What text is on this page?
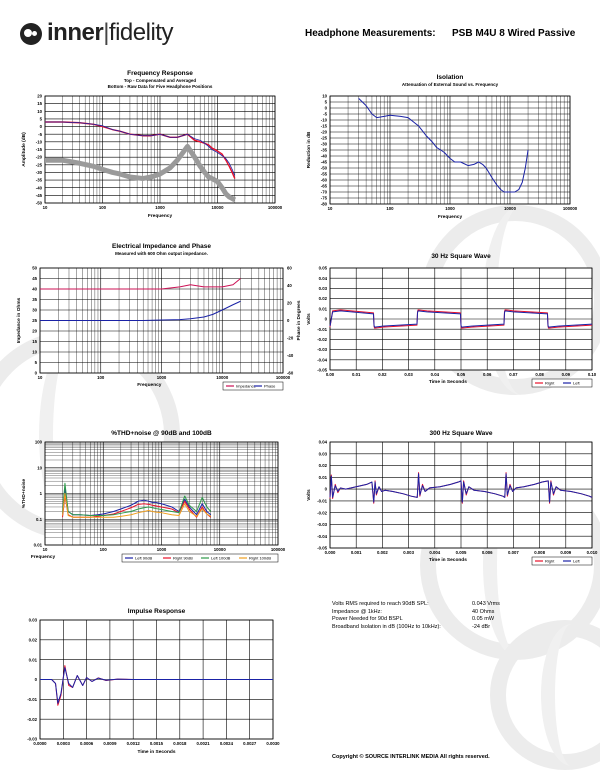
inner|fidelity	Headphone Measurements: PSB M4U 8 Wired Passive
Frequency Response
Top - Compensated and Averaged
Bottom - Raw Data for Five Headphone Positions
10	100	1000	10000	100000
20
15
10
5
0
-5
-10
-15
-20
-25
-30
-35
-40
-45
-50
Frequency
Amplitude (dB)
Isolation
Attenuation of External Sound vs. Frequency
10	100	1000	10000	100000
10
5
0
-5
-10
-15
-20
-25
-30
-35
-40
-45
-50
-55
-60
-65
-70
-75
-80
Frequency
Reduction in dB
Electrical Impedance and Phase
Measured with 600 Ohm output impedance.
10	100	1000	10000	100000
50
45
40
35
30
25
20
15
10
5
0
60
40
20
0
-20
-40
-60
Frequency
Impedance in Ohms	Phase in Degrees
Impedance Phase
30 Hz Square Wave
0.00	0.01	0.02	0.03	0.04	0.05	0.06	0.07	0.08	0.09	0.10
0.05
0.04
0.03
0.02
0.01
0
-0.01
-0.02
-0.03
-0.04
-0.05
Time in Seconds
Volts
Right	Left
%THD+noise @ 90dB and 100dB
10	100	1000	10000	100000
100
10
1
0.1
0.01
Frequency
%THD+noise
Left 90dB	Right 90dB	Left 100dB	Right 100dB
300 Hz Square Wave
0.000	0.001	0.002	0.003	0.004	0.005	0.006	0.007	0.008	0.009	0.010
0.04
0.03
0.02
0.01
0
-0.01
-0.02
-0.03
-0.04
-0.05
Time in Seconds
Volts
Right	Left
Impulse Response
0.0000 0.0003 0.0006 0.0009 0.0012 0.0015 0.0018 0.0021 0.0024 0.0027 0.0030
0.03
0.02
0.01
0
-0.01
-0.02
-0.03
Time in Seconds
Volts RMS required to reach 90dB SPL:	0.043 Vrms
Impedance @ 1kHz:	40 Ohms
Power Needed for 90d BSPL	0.05 mW
Broadband Isolation in dB (100Hz to 10kHz):	-24 dBr
Copyright © SOURCE INTERLINK MEDIA All rights reserved.
